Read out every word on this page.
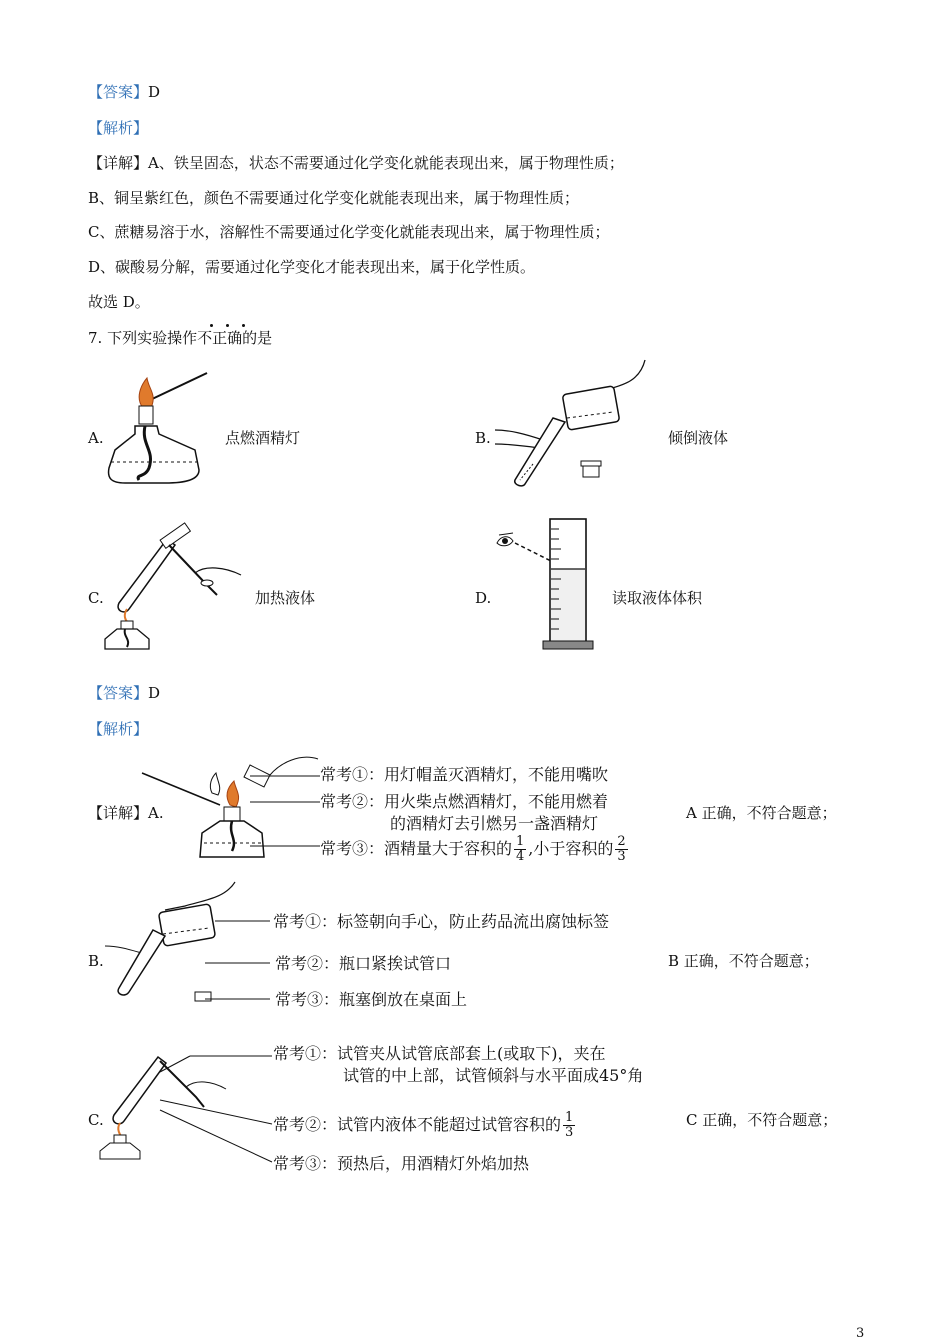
【答案】D
【解析】
【详解】A、铁呈固态，状态不需要通过化学变化就能表现出来，属于物理性质；
B、铜呈紫红色，颜色不需要通过化学变化就能表现出来，属于物理性质；
C、蔗糖易溶于水，溶解性不需要通过化学变化就能表现出来，属于物理性质；
D、碳酸易分解，需要通过化学变化才能表现出来，属于化学性质。
故选 D。
7. 下列实验操作不正确的是
A.	点燃酒精灯	B.	倾倒液体
C.	加热液体	D.	读取液体体积
【答案】D
【解析】
【详解】A.
常考①：用灯帽盖灭酒精灯，不能用嘴吹
常考②：用火柴点燃酒精灯，不能用燃着
的酒精灯去引燃另一盏酒精灯
常考③：酒精量大于容积的 $\frac{1}{4}$ ,小于容积的 $\frac{2}{3}$
A 正确，不符合题意；
B.
常考①：标签朝向手心，防止药品流出腐蚀标签
常考②：瓶口紧挨试管口
常考③：瓶塞倒放在桌面上
B 正确，不符合题意；
C.
常考①：试管夹从试管底部套上(或取下)，夹在
试管的中上部，试管倾斜与水平面成45°角
常考②：试管内液体不能超过试管容积的 $\frac{1}{3}$
常考③：预热后，用酒精灯外焰加热
C 正确，不符合题意；
3
